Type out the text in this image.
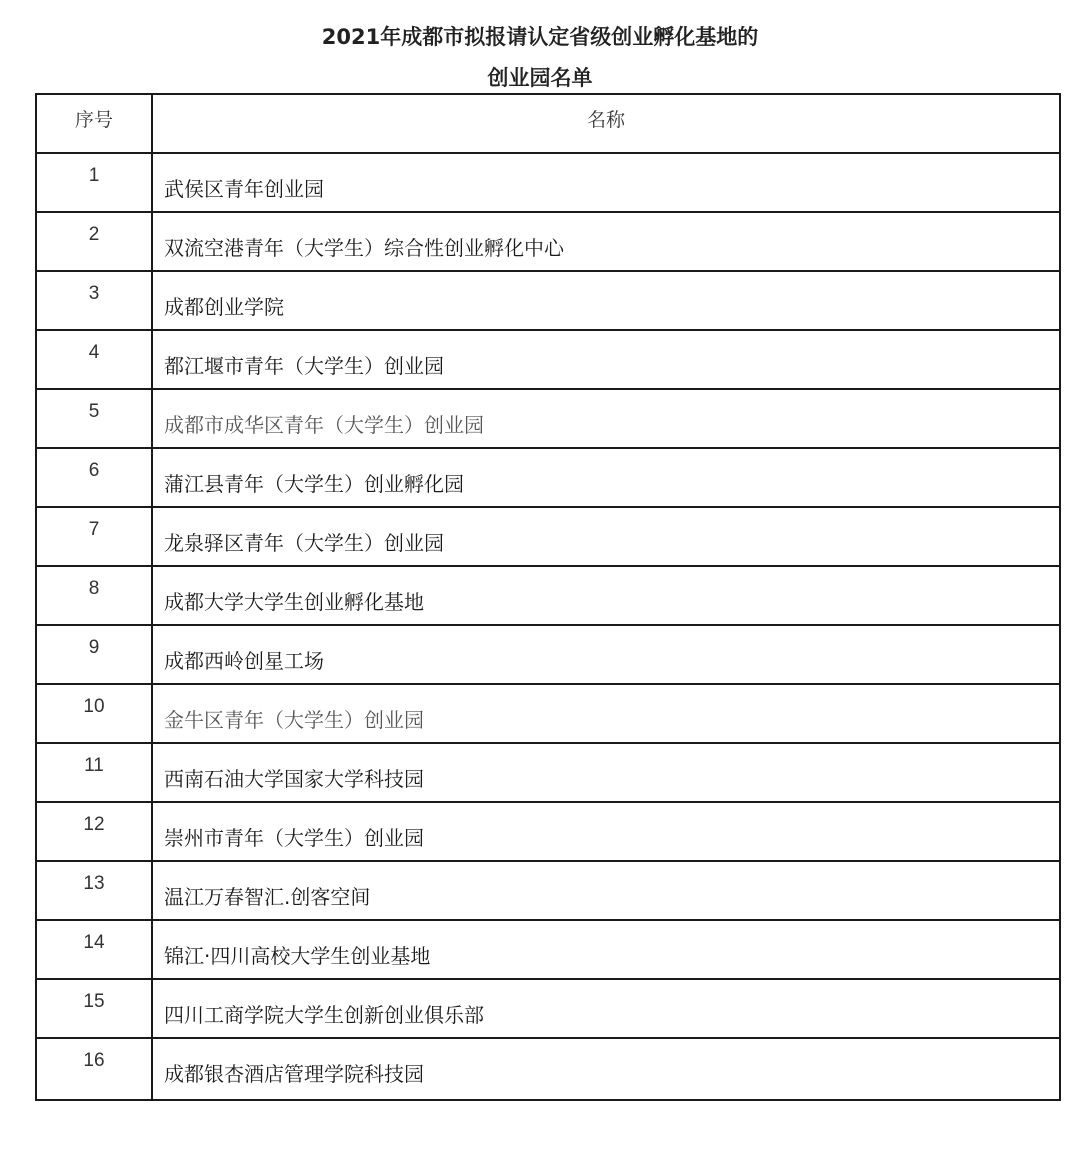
2021年成都市拟报请认定省级创业孵化基地的
创业园名单
序号	名称

1	武侯区青年创业园

2	双流空港青年（大学生）综合性创业孵化中心

3	成都创业学院

4	都江堰市青年（大学生）创业园

5	成都市成华区青年（大学生）创业园

6	蒲江县青年（大学生）创业孵化园

7	龙泉驿区青年（大学生）创业园

8	成都大学大学生创业孵化基地

9	成都西岭创星工场

10	金牛区青年（大学生）创业园

11	西南石油大学国家大学科技园

12	崇州市青年（大学生）创业园

13	温江万春智汇.创客空间

14	锦江·四川高校大学生创业基地

15	四川工商学院大学生创新创业俱乐部

16	成都银杏酒店管理学院科技园
